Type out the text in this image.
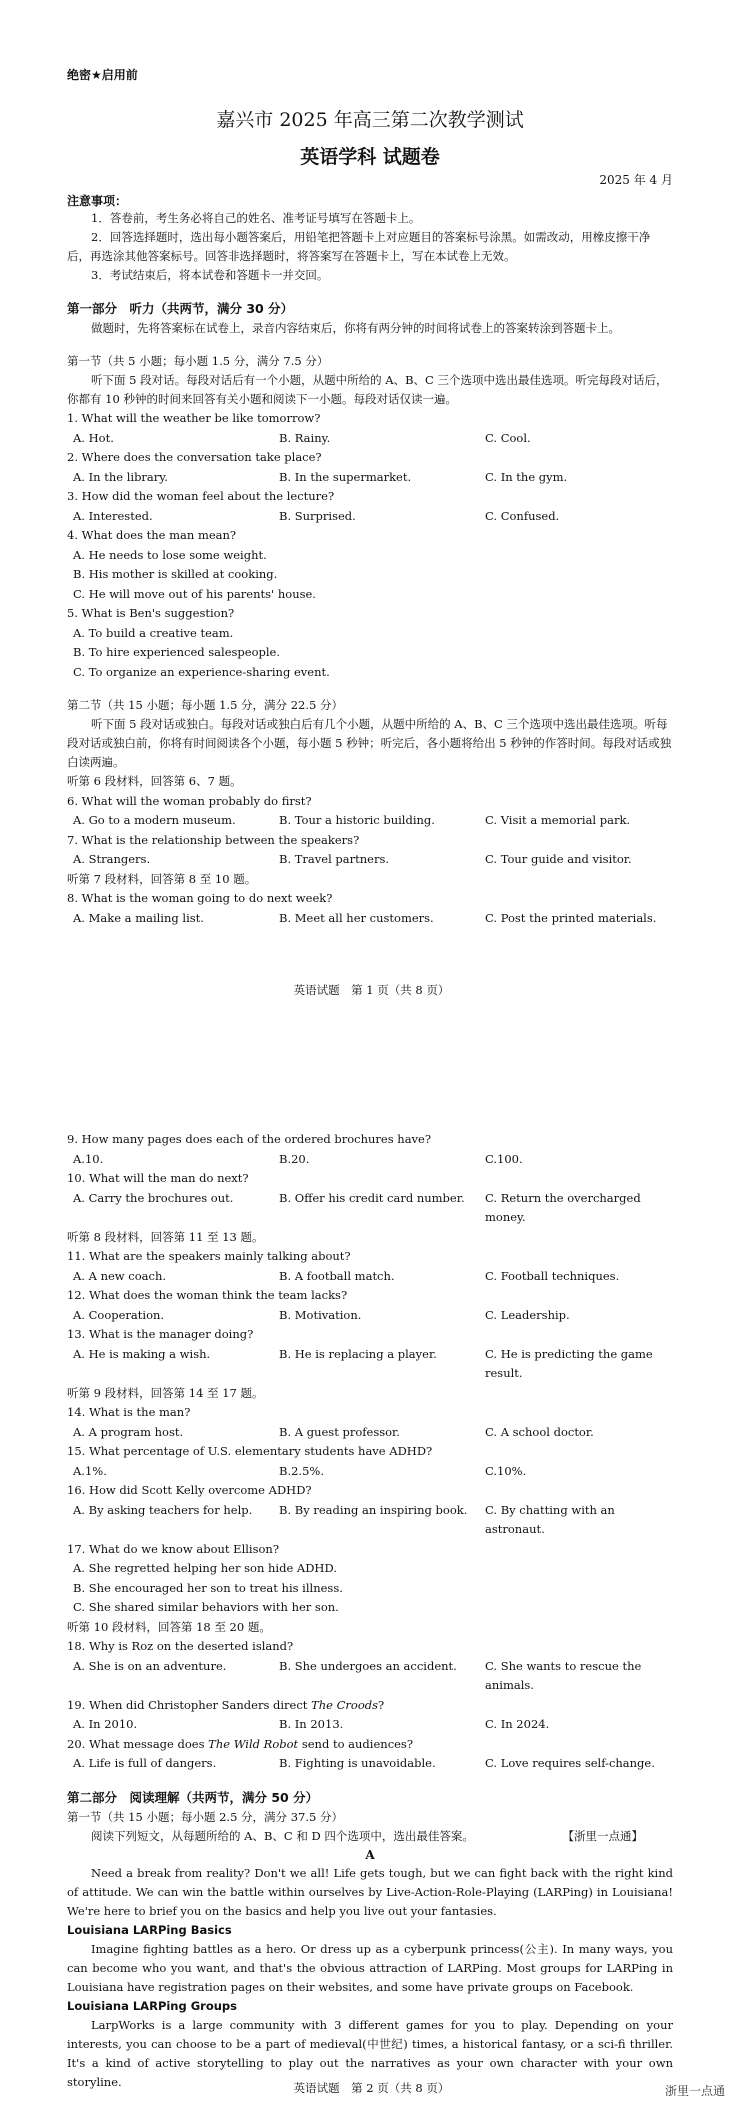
绝密★启用前
嘉兴市 2025 年高三第二次教学测试
英语学科 试题卷
2025 年 4 月
注意事项：

1．答卷前，考生务必将自己的姓名、准考证号填写在答题卡上。

2．回答选择题时，选出每小题答案后，用铅笔把答题卡上对应题目的答案标号涂黑。如需改动，用橡皮擦干净后，再选涂其他答案标号。回答非选择题时，将答案写在答题卡上，写在本试卷上无效。

3．考试结束后，将本试卷和答题卡一并交回。

第一部分　听力（共两节，满分 30 分）

做题时，先将答案标在试卷上，录音内容结束后，你将有两分钟的时间将试卷上的答案转涂到答题卡上。

第一节（共 5 小题；每小题 1.5 分，满分 7.5 分）

听下面 5 段对话。每段对话后有一个小题，从题中所给的 A、B、C 三个选项中选出最佳选项。听完每段对话后，你都有 10 秒钟的时间来回答有关小题和阅读下一小题。每段对话仅读一遍。

1. What will the weather be like tomorrow?
A. Hot.	B. Rainy.	C. Cool.
2. Where does the conversation take place?
A. In the library.	B. In the supermarket.	C. In the gym.
3. How did the woman feel about the lecture?
A. Interested.	B. Surprised.	C. Confused.
4. What does the man mean?
A. He needs to lose some weight.
B. His mother is skilled at cooking.
C. He will move out of his parents' house.
5. What is Ben's suggestion?
A. To build a creative team.
B. To hire experienced salespeople.
C. To organize an experience-sharing event.
第二节（共 15 小题；每小题 1.5 分，满分 22.5 分）

听下面 5 段对话或独白。每段对话或独白后有几个小题，从题中所给的 A、B、C 三个选项中选出最佳选项。听每段对话或独白前，你将有时间阅读各个小题，每小题 5 秒钟；听完后，各小题将给出 5 秒钟的作答时间。每段对话或独白读两遍。

听第 6 段材料，回答第 6、7 题。
6. What will the woman probably do first?
A. Go to a modern museum.	B. Tour a historic building.	C. Visit a memorial park.
7. What is the relationship between the speakers?
A. Strangers.	B. Travel partners.	C. Tour guide and visitor.
听第 7 段材料，回答第 8 至 10 题。
8. What is the woman going to do next week?
A. Make a mailing list.	B. Meet all her customers.	C. Post the printed materials.
英语试题　第 1 页（共 8 页）
9. How many pages does each of the ordered brochures have?
A.10.	B.20.	C.100.
10. What will the man do next?
A. Carry the brochures out.	B. Offer his credit card number.	C. Return the overcharged money.
听第 8 段材料，回答第 11 至 13 题。
11. What are the speakers mainly talking about?
A. A new coach.	B. A football match.	C. Football techniques.
12. What does the woman think the team lacks?
A. Cooperation.	B. Motivation.	C. Leadership.
13. What is the manager doing?
A. He is making a wish.	B. He is replacing a player.	C. He is predicting the game result.
听第 9 段材料，回答第 14 至 17 题。
14. What is the man?
A. A program host.	B. A guest professor.	C. A school doctor.
15. What percentage of U.S. elementary students have ADHD?
A.1%.	B.2.5%.	C.10%.
16. How did Scott Kelly overcome ADHD?
A. By asking teachers for help.	B. By reading an inspiring book.	C. By chatting with an astronaut.
17. What do we know about Ellison?
A. She regretted helping her son hide ADHD.
B. She encouraged her son to treat his illness.
C. She shared similar behaviors with her son.
听第 10 段材料，回答第 18 至 20 题。
18. Why is Roz on the deserted island?
A. She is on an adventure.	B. She undergoes an accident.	C. She wants to rescue the animals.
19. When did Christopher Sanders direct The Croods?
A. In 2010.	B. In 2013.	C. In 2024.
20. What message does The Wild Robot send to audiences?
A. Life is full of dangers.	B. Fighting is unavoidable.	C. Love requires self-change.
第二部分　阅读理解（共两节，满分 50 分）
第一节（共 15 小题；每小题 2.5 分，满分 37.5 分）
阅读下列短文，从每题所给的 A、B、C 和 D 四个选项中，选出最佳答案。	【浙里一点通】
A

Need a break from reality? Don't we all! Life gets tough, but we can fight back with the right kind of attitude. We can win the battle within ourselves by Live-Action-Role-Playing (LARPing) in Louisiana! We're here to brief you on the basics and help you live out your fantasies.

Louisiana LARPing Basics

Imagine fighting battles as a hero. Or dress up as a cyberpunk princess(公主). In many ways, you can become who you want, and that's the obvious attraction of LARPing. Most groups for LARPing in Louisiana have registration pages on their websites, and some have private groups on Facebook.

Louisiana LARPing Groups

LarpWorks is a large community with 3 different games for you to play. Depending on your interests, you can choose to be a part of medieval(中世纪) times, a historical fantasy, or a sci-fi thriller. It's a kind of active storytelling to play out the narratives as your own character with your own storyline.	英语试题　第 2 页（共 8 页）	浙里一点通
